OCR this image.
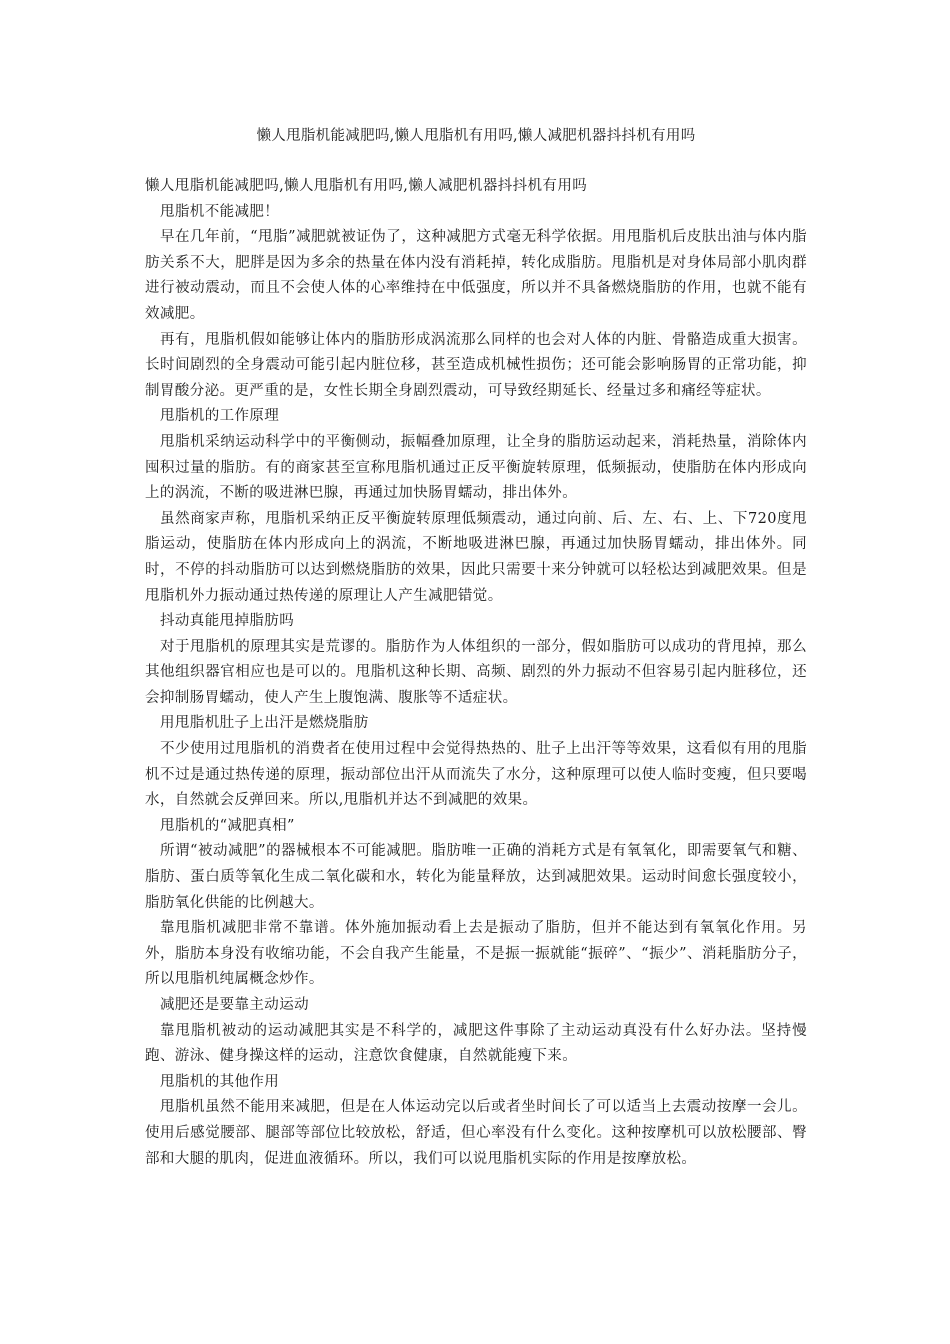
懒人甩脂机能减肥吗,懒人甩脂机有用吗,懒人减肥机器抖抖机有用吗

懒人甩脂机能减肥吗,懒人甩脂机有用吗,懒人减肥机器抖抖机有用吗

甩脂机不能减肥！

早在几年前，“甩脂”减肥就被证伪了，这种减肥方式毫无科学依据。用甩脂机后皮肤出油与体内脂肪关系不大，肥胖是因为多余的热量在体内没有消耗掉，转化成脂肪。甩脂机是对身体局部小肌肉群进行被动震动，而且不会使人体的心率维持在中低强度，所以并不具备燃烧脂肪的作用，也就不能有效减肥。

再有，甩脂机假如能够让体内的脂肪形成涡流那么同样的也会对人体的内脏、骨骼造成重大损害。长时间剧烈的全身震动可能引起内脏位移，甚至造成机械性损伤；还可能会影响肠胃的正常功能，抑制胃酸分泌。更严重的是，女性长期全身剧烈震动，可导致经期延长、经量过多和痛经等症状。

甩脂机的工作原理

甩脂机采纳运动科学中的平衡侧动，振幅叠加原理，让全身的脂肪运动起来，消耗热量，消除体内囤积过量的脂肪。有的商家甚至宣称甩脂机通过正反平衡旋转原理，低频振动，使脂肪在体内形成向上的涡流，不断的吸进淋巴腺，再通过加快肠胃蠕动，排出体外。

虽然商家声称，甩脂机采纳正反平衡旋转原理低频震动，通过向前、后、左、右、上、下720度甩脂运动，使脂肪在体内形成向上的涡流，不断地吸进淋巴腺，再通过加快肠胃蠕动，排出体外。同时，不停的抖动脂肪可以达到燃烧脂肪的效果，因此只需要十来分钟就可以轻松达到减肥效果。但是甩脂机外力振动通过热传递的原理让人产生减肥错觉。

抖动真能甩掉脂肪吗

对于甩脂机的原理其实是荒谬的。脂肪作为人体组织的一部分，假如脂肪可以成功的背甩掉，那么其他组织器官相应也是可以的。甩脂机这种长期、高频、剧烈的外力振动不但容易引起内脏移位，还会抑制肠胃蠕动，使人产生上腹饱满、腹胀等不适症状。

用甩脂机肚子上出汗是燃烧脂肪

不少使用过甩脂机的消费者在使用过程中会觉得热热的、肚子上出汗等等效果，这看似有用的甩脂机不过是通过热传递的原理，振动部位出汗从而流失了水分，这种原理可以使人临时变瘦，但只要喝水，自然就会反弹回来。所以,甩脂机并达不到减肥的效果。

甩脂机的“减肥真相”

所谓“被动减肥”的器械根本不可能减肥。脂肪唯一正确的消耗方式是有氧氧化，即需要氧气和糖、脂肪、蛋白质等氧化生成二氧化碳和水，转化为能量释放，达到减肥效果。运动时间愈长强度较小，脂肪氧化供能的比例越大。

靠甩脂机减肥非常不靠谱。体外施加振动看上去是振动了脂肪，但并不能达到有氧氧化作用。另外，脂肪本身没有收缩功能，不会自我产生能量，不是振一振就能“振碎”、“振少”、消耗脂肪分子，所以甩脂机纯属概念炒作。

减肥还是要靠主动运动

靠甩脂机被动的运动减肥其实是不科学的，减肥这件事除了主动运动真没有什么好办法。坚持慢跑、游泳、健身操这样的运动，注意饮食健康，自然就能瘦下来。

甩脂机的其他作用

甩脂机虽然不能用来减肥，但是在人体运动完以后或者坐时间长了可以适当上去震动按摩一会儿。使用后感觉腰部、腿部等部位比较放松，舒适，但心率没有什么变化。这种按摩机可以放松腰部、臀部和大腿的肌肉，促进血液循环。所以，我们可以说甩脂机实际的作用是按摩放松。
